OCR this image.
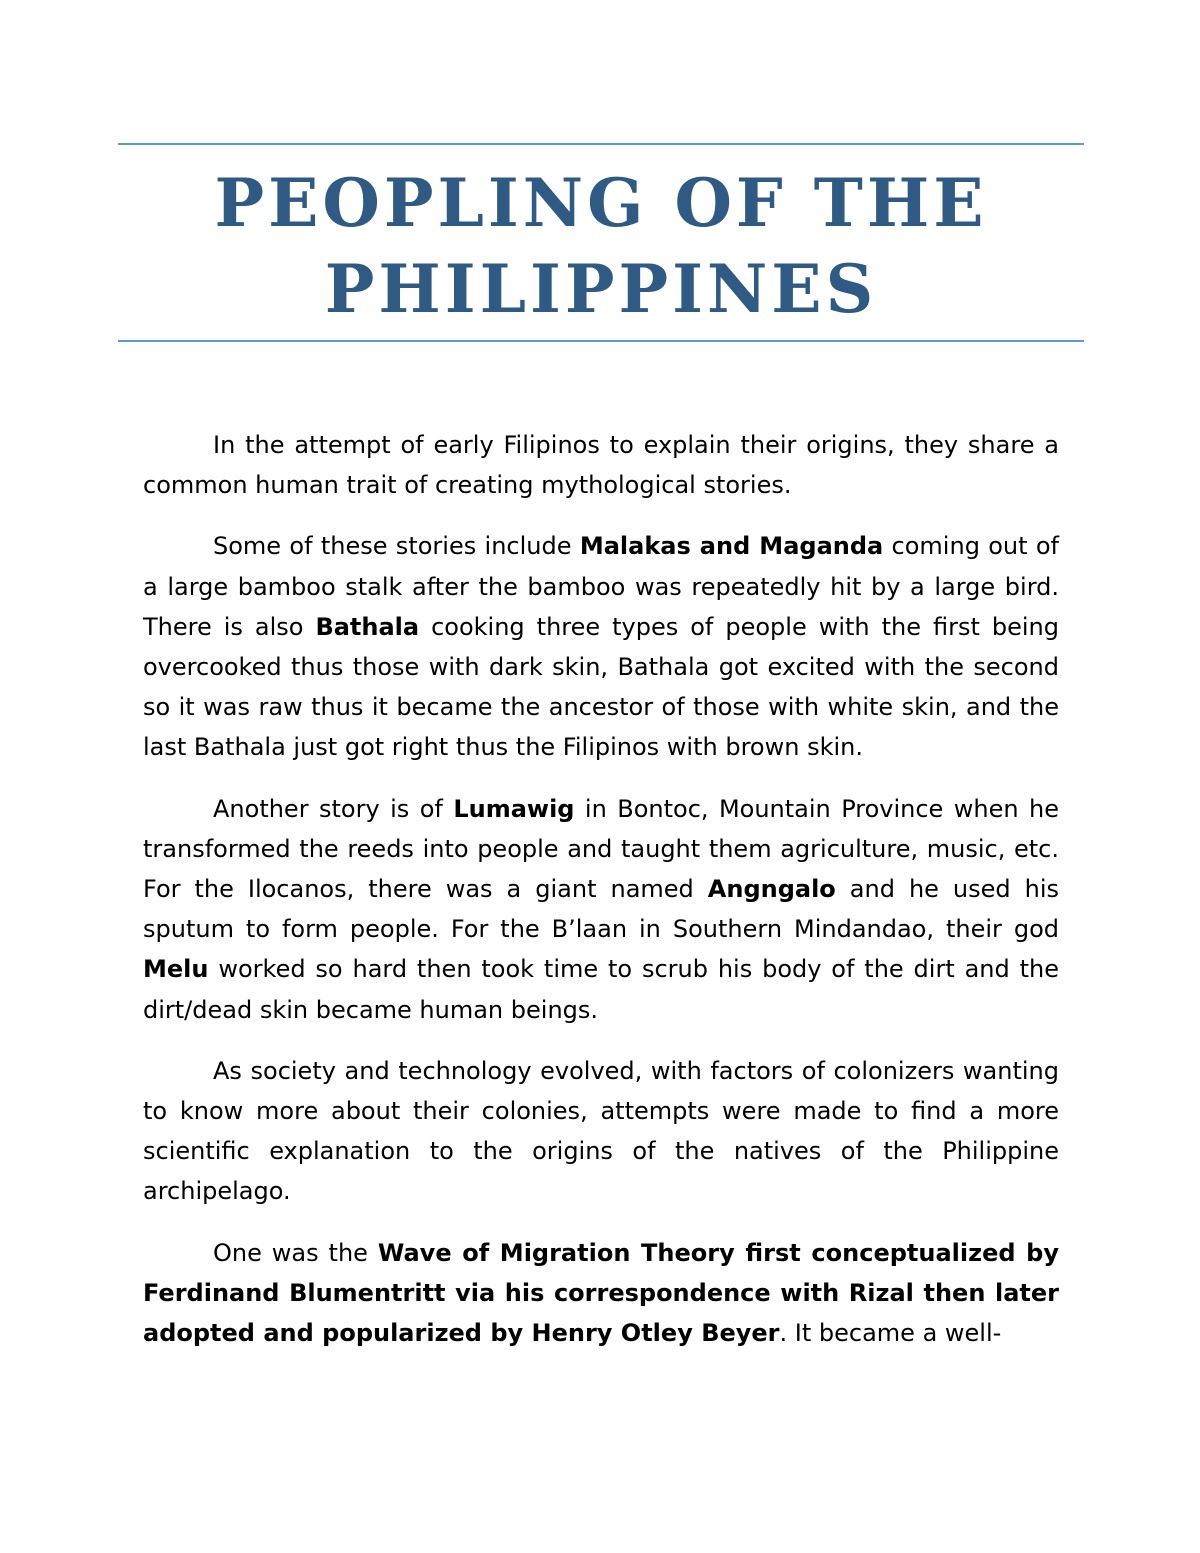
PEOPLING OF THE
PHILIPPINES

In the attempt of early Filipinos to explain their origins, they share a common human trait of creating mythological stories.

Some of these stories include Malakas and Maganda coming out of a large bamboo stalk after the bamboo was repeatedly hit by a large bird. There is also Bathala cooking three types of people with the first being overcooked thus those with dark skin, Bathala got excited with the second so it was raw thus it became the ancestor of those with white skin, and the last Bathala just got right thus the Filipinos with brown skin.

Another story is of Lumawig in Bontoc, Mountain Province when he transformed the reeds into people and taught them agriculture, music, etc. For the Ilocanos, there was a giant named Angngalo and he used his sputum to form people. For the B’laan in Southern Mindandao, their god Melu worked so hard then took time to scrub his body of the dirt and the dirt/dead skin became human beings.

As society and technology evolved, with factors of colonizers wanting to know more about their colonies, attempts were made to find a more scientific explanation to the origins of the natives of the Philippine archipelago.

One was the Wave of Migration Theory first conceptualized by Ferdinand Blumentritt via his correspondence with Rizal then later adopted and popularized by Henry Otley Beyer. It became a well-
